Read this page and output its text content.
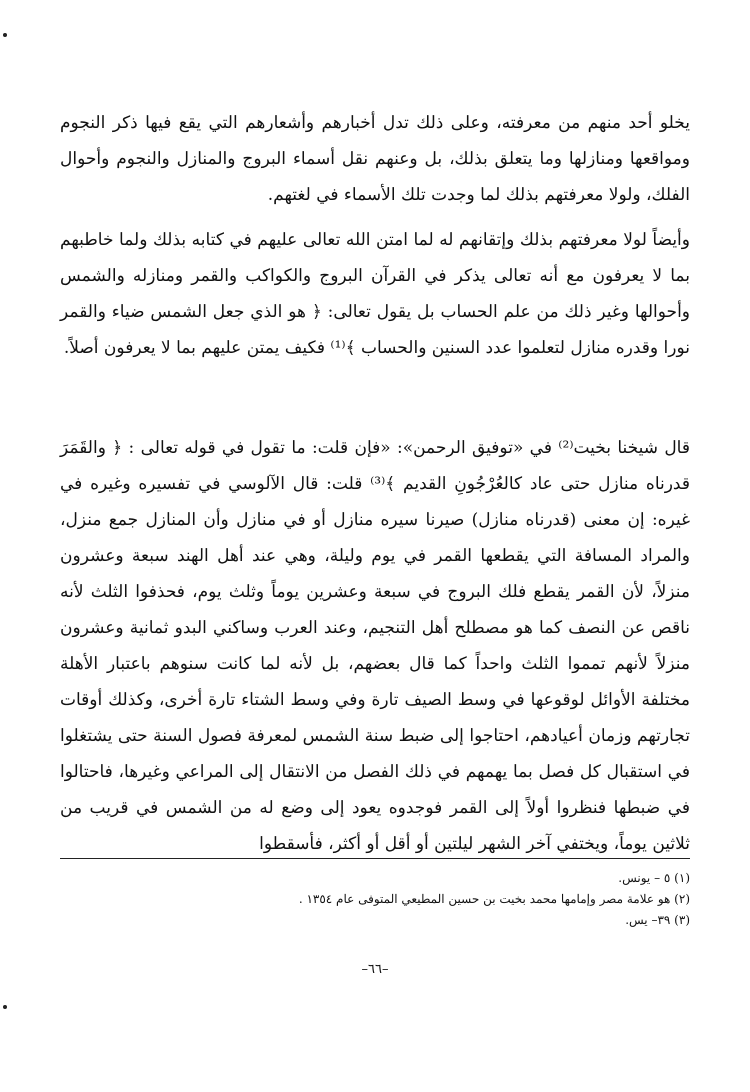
يخلو أحد منهم من معرفته، وعلى ذلك تدل أخبارهم وأشعارهم التي يقع فيها ذكر النجوم ومواقعها ومنازلها وما يتعلق بذلك، بل وعنهم نقل أسماء البروج والمنازل والنجوم وأحوال الفلك، ولولا معرفتهم بذلك لما وجدت تلك الأسماء في لغتهم.

وأيضاً لولا معرفتهم بذلك وإتقانهم له لما امتن الله تعالى عليهم في كتابه بذلك ولما خاطبهم بما لا يعرفون مع أنه تعالى يذكر في القرآن البروج والكواكب والقمر ومنازله والشمس وأحوالها وغير ذلك من علم الحساب بل يقول تعالى: ﴿ هو الذي جعل الشمس ضياء والقمر نورا وقدره منازل لتعلموا عدد السنين والحساب ﴾⁽¹⁾ فكيف يمتن عليهم بما لا يعرفون أصلاً.

قال شيخنا بخيت⁽²⁾ في «توفيق الرحمن»: «فإن قلت: ما تقول في قوله تعالى : ﴿ والقَمَرَ قدرناه منازل حتى عاد كالعُرْجُونِ القديم ﴾⁽³⁾ قلت: قال الآلوسي في تفسيره وغيره في غيره: إن معنى (قدرناه منازل) صيرنا سيره منازل أو في منازل وأن المنازل جمع منزل، والمراد المسافة التي يقطعها القمر في يوم وليلة، وهي عند أهل الهند سبعة وعشرون منزلاً، لأن القمر يقطع فلك البروج في سبعة وعشرين يوماً وثلث يوم، فحذفوا الثلث لأنه ناقص عن النصف كما هو مصطلح أهل التنجيم، وعند العرب وساكني البدو ثمانية وعشرون منزلاً لأنهم تمموا الثلث واحداً كما قال بعضهم، بل لأنه لما كانت سنوهم باعتبار الأهلة مختلفة الأوائل لوقوعها في وسط الصيف تارة وفي وسط الشتاء تارة أخرى، وكذلك أوقات تجارتهم وزمان أعيادهم، احتاجوا إلى ضبط سنة الشمس لمعرفة فصول السنة حتى يشتغلوا في استقبال كل فصل بما يهمهم في ذلك الفصل من الانتقال إلى المراعي وغيرها، فاحتالوا في ضبطها فنظروا أولاً إلى القمر فوجدوه يعود إلى وضع له من الشمس في قريب من ثلاثين يوماً، ويختفي آخر الشهر ليلتين أو أقل أو أكثر، فأسقطوا

(١) ٥ – يونس.
(٢) هو علامة مصر وإمامها محمد بخيت بن حسين المطيعي المتوفى عام ١٣٥٤ .
(٣) ٣٩– يس.
–٦٦–
